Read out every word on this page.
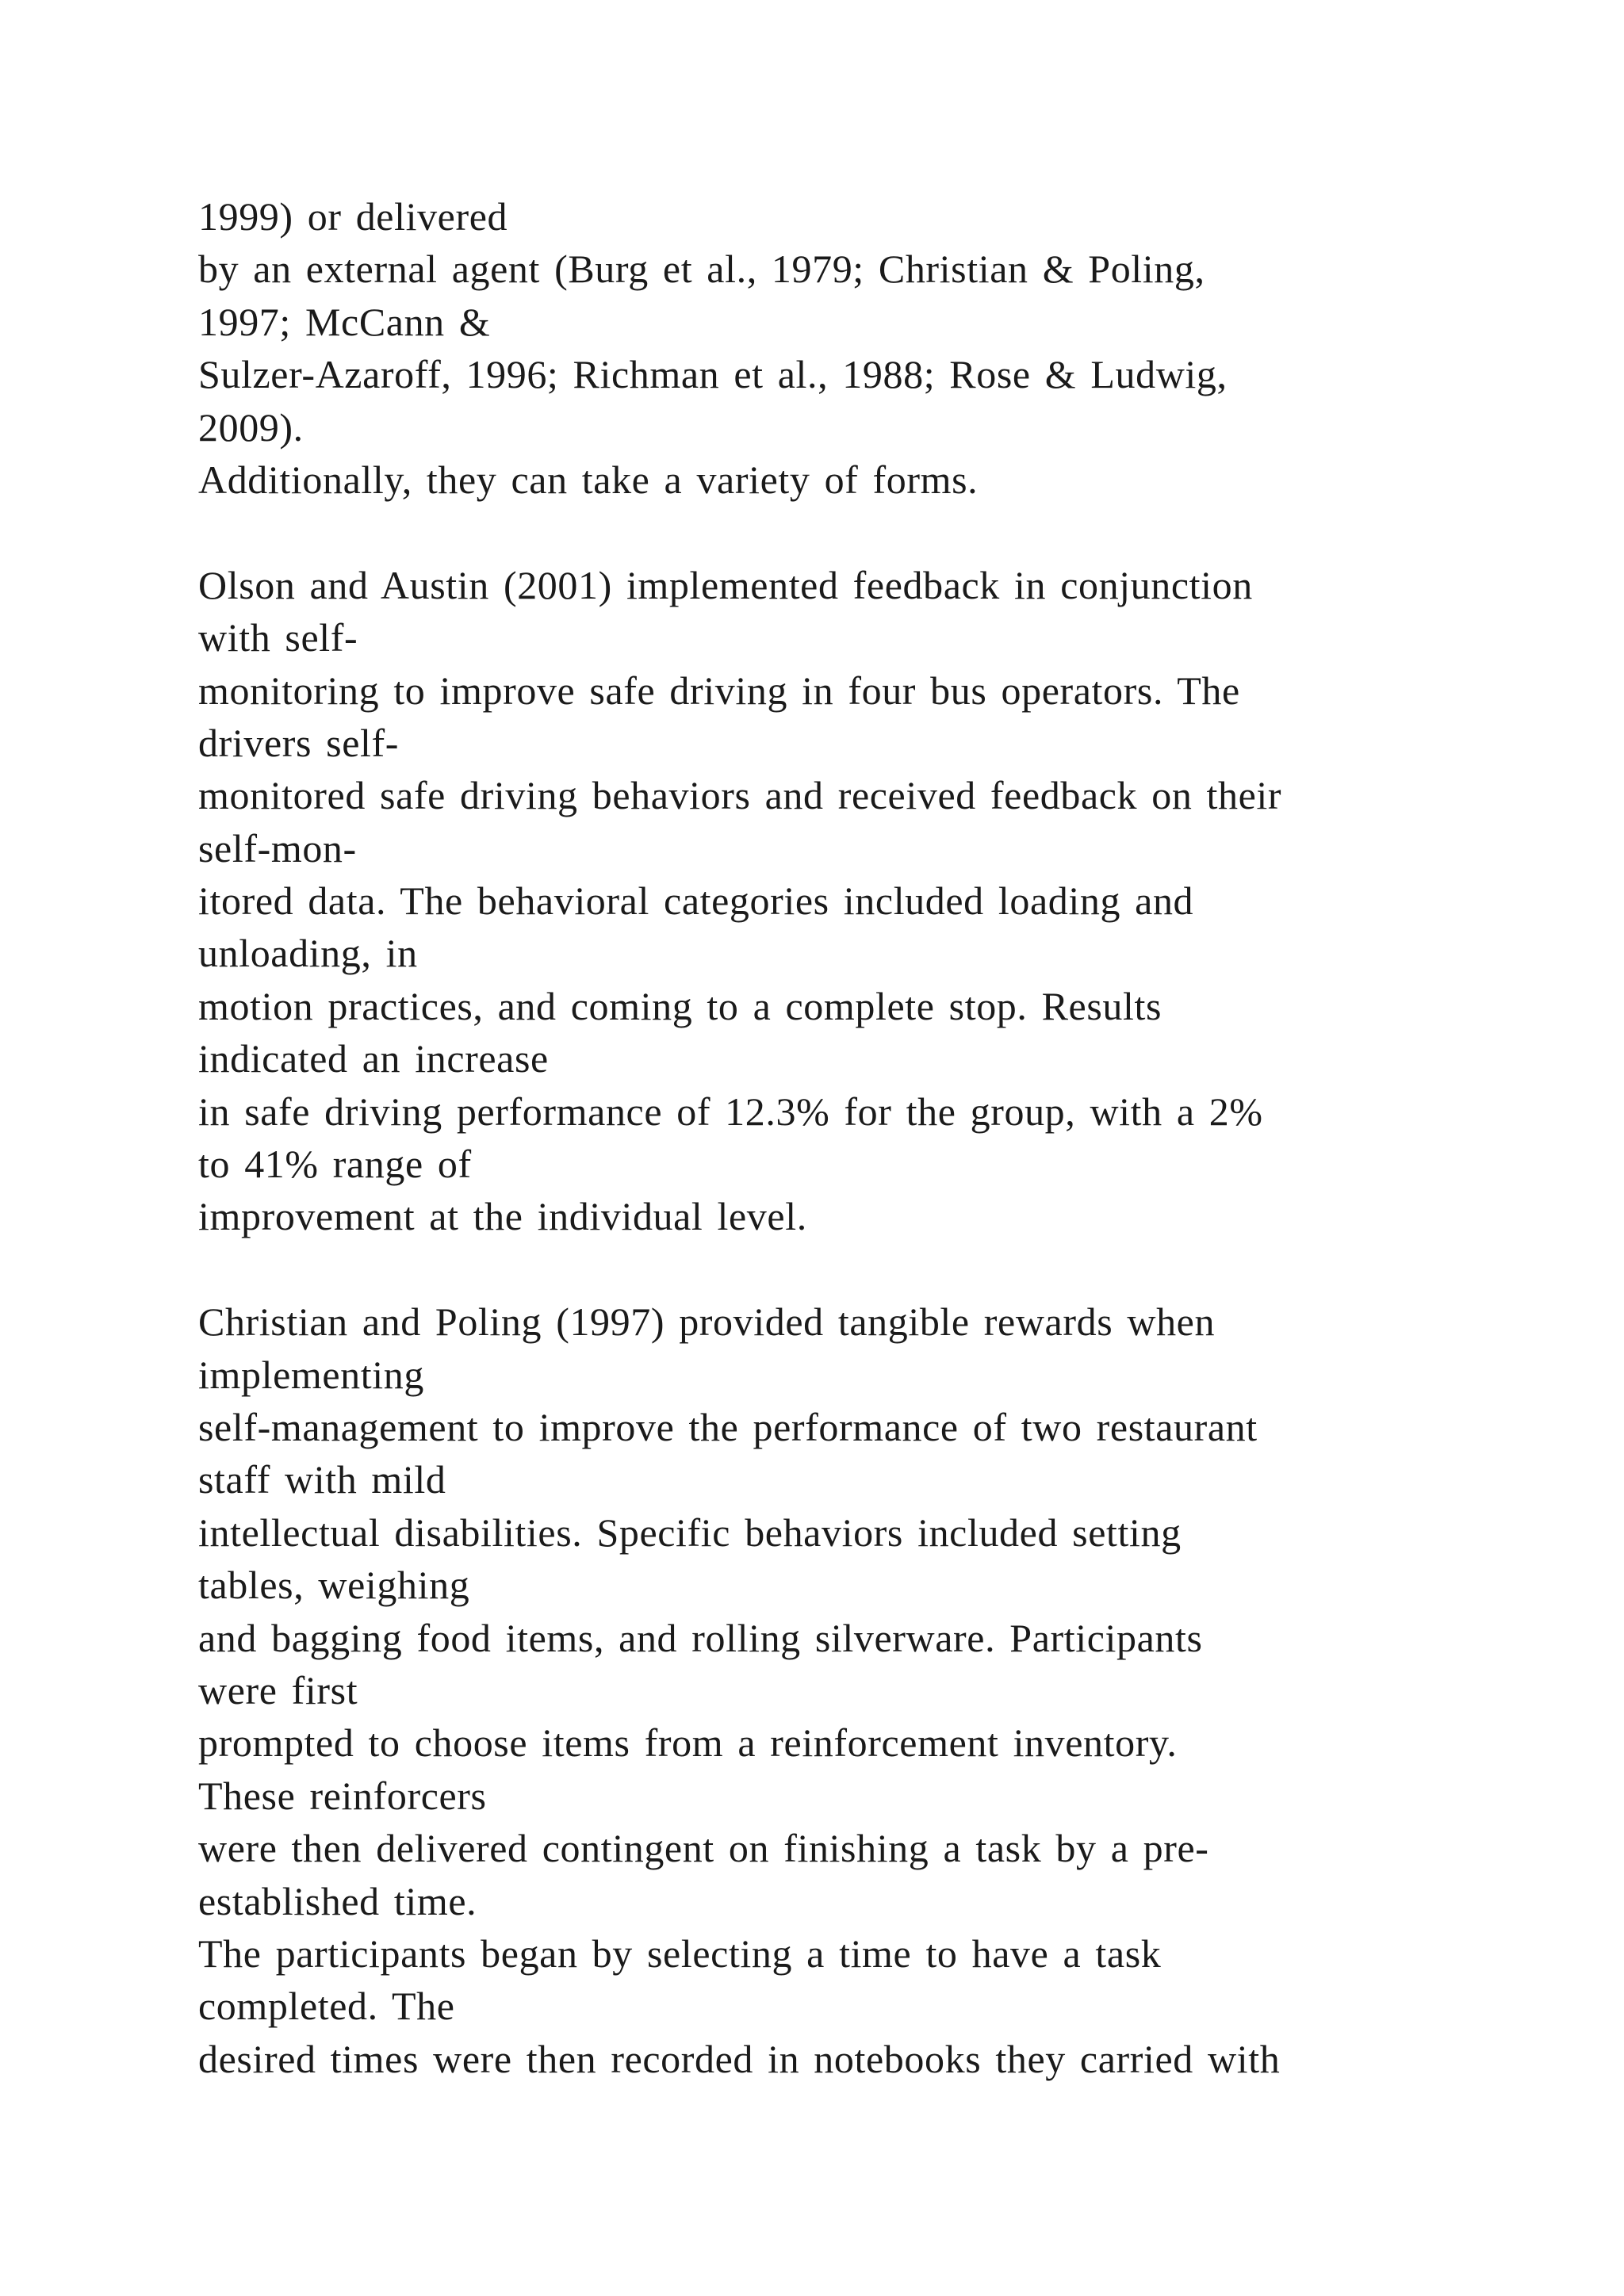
1999) or delivered
by an external agent (Burg et al., 1979; Christian & Poling,
1997; McCann &
Sulzer-Azaroff, 1996; Richman et al., 1988; Rose & Ludwig,
2009).
Additionally, they can take a variety of forms.
Olson and Austin (2001) implemented feedback in conjunction
with self-
monitoring to improve safe driving in four bus operators. The
drivers self-
monitored safe driving behaviors and received feedback on their
self-mon-
itored data. The behavioral categories included loading and
unloading, in
motion practices, and coming to a complete stop. Results
indicated an increase
in safe driving performance of 12.3% for the group, with a 2%
to 41% range of
improvement at the individual level.
Christian and Poling (1997) provided tangible rewards when
implementing
self-management to improve the performance of two restaurant
staff with mild
intellectual disabilities. Specific behaviors included setting
tables, weighing
and bagging food items, and rolling silverware. Participants
were first
prompted to choose items from a reinforcement inventory.
These reinforcers
were then delivered contingent on finishing a task by a pre-
established time.
The participants began by selecting a time to have a task
completed. The
desired times were then recorded in notebooks they carried with
